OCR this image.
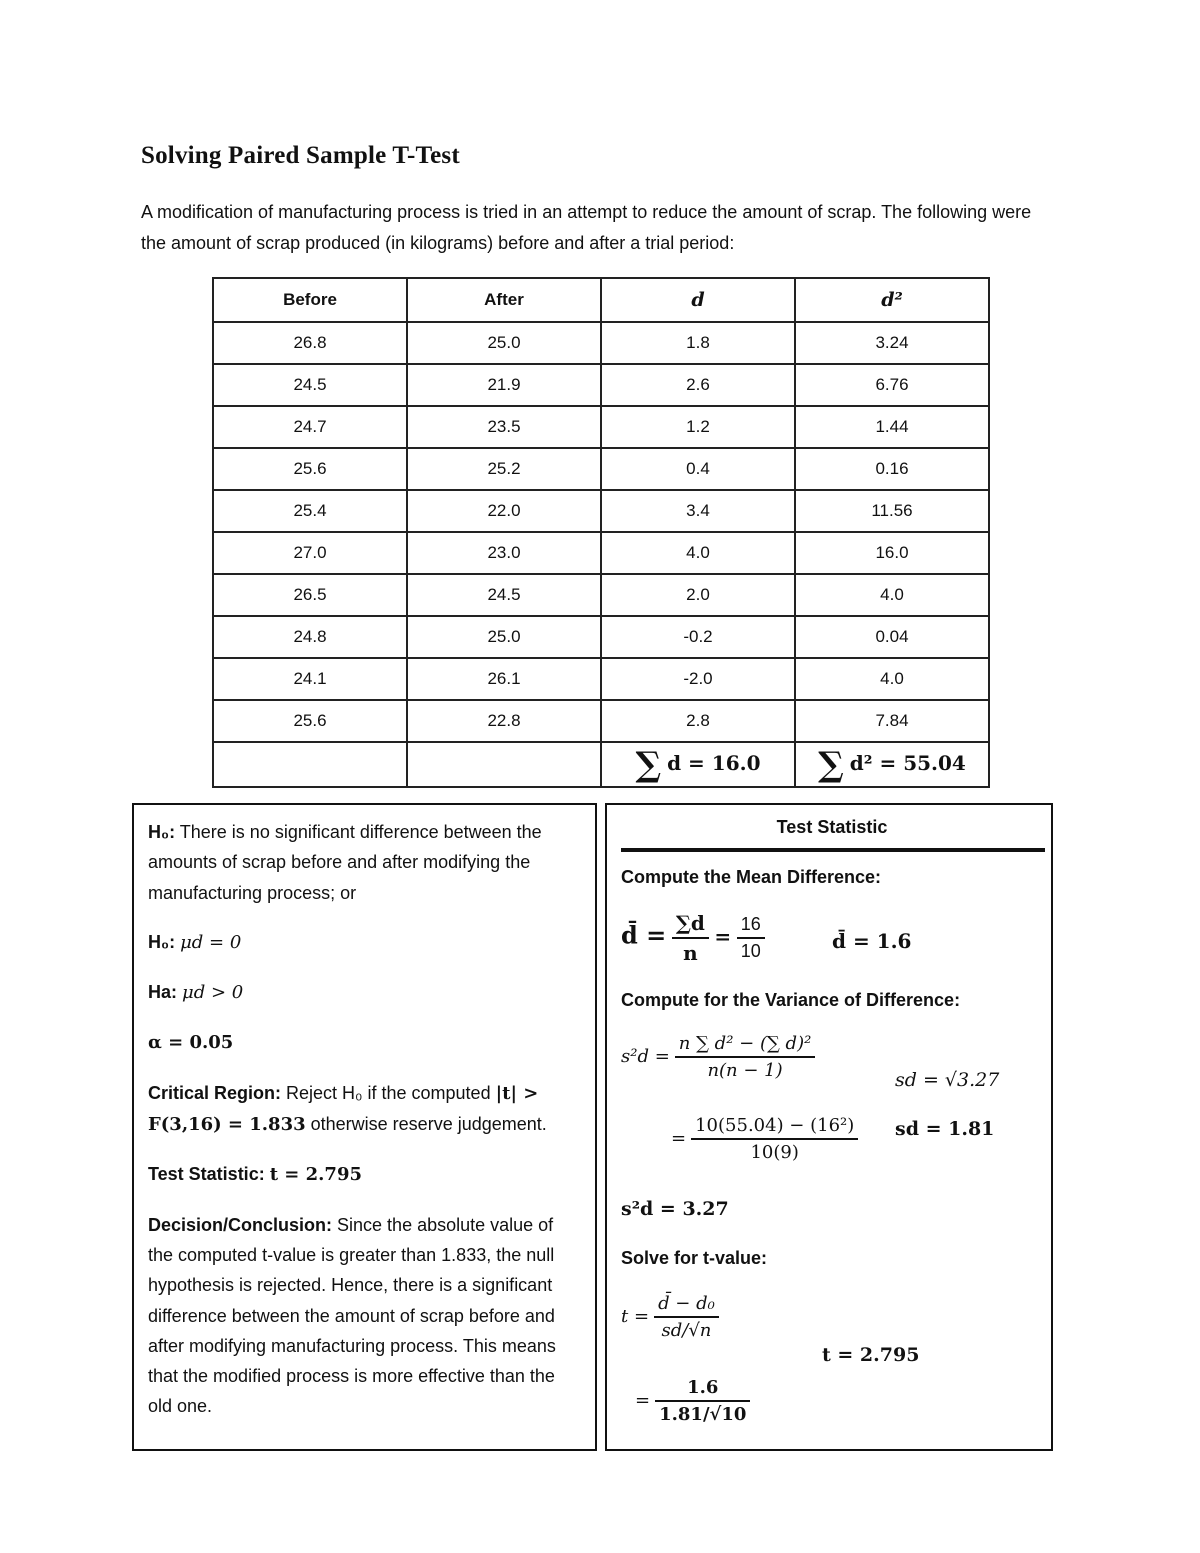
Solving Paired Sample T-Test
A modification of manufacturing process is tried in an attempt to reduce the amount of scrap. The following were the amount of scrap produced (in kilograms) before and after a trial period:
Before	After	d	d²
26.8	25.0	1.8	3.24
24.5	21.9	2.6	6.76
24.7	23.5	1.2	1.44
25.6	25.2	0.4	0.16
25.4	22.0	3.4	11.56
27.0	23.0	4.0	16.0
26.5	24.5	2.0	4.0
24.8	25.0	-0.2	0.04
24.1	26.1	-2.0	4.0
25.6	22.8	2.8	7.84
		∑ d = 16.0	∑ d² = 55.04

H₀: There is no significant difference between the amounts of scrap before and after modifying the manufacturing process; or

H₀: μd = 0

Ha: μd > 0

α = 0.05

Critical Region: Reject H₀ if the computed |t| >
F(3,16) = 1.833 otherwise reserve judgement.

Test Statistic: t = 2.795

Decision/Conclusion: Since the absolute value of the computed t-value is greater than 1.833, the null hypothesis is rejected. Hence, there is a significant difference between the amount of scrap before and after modifying manufacturing process. This means that the modified process is more effective than the old one.

Test Statistic
Compute the Mean Difference:
d̄ = $\frac{\sum d}{n} = \frac{16}{10}$	d̄ = 1.6
Compute for the Variance of Difference:
$s^2d = \frac{\text{n ∑ d² − (∑ d)²}}{n(n - 1)}$	sd = √3.27
= $\frac{\text{10(55.04) − (16²)}}{10(9)}$ sd = 1.81
s²d = 3.27
Solve for t-value:
$t = \frac{\text{d̄ − d₀}}{sd/√n}$
t = 2.795
= $\frac{1.6}{1.81/√10}$
